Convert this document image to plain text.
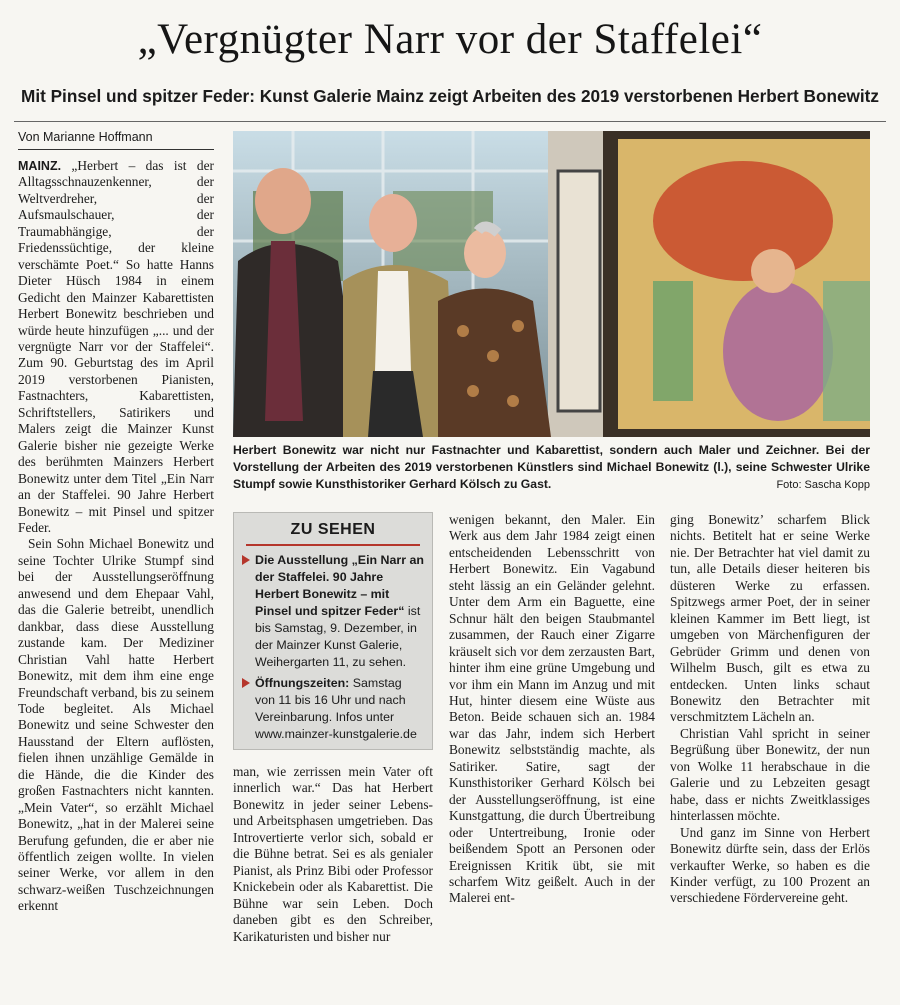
„Vergnügter Narr vor der Staffelei“
Mit Pinsel und spitzer Feder: Kunst Galerie Mainz zeigt Arbeiten des 2019 verstorbenen Herbert Bonewitz
Von Marianne Hoffmann

MAINZ. „Herbert – das ist der Alltagsschnauzenkenner, der Weltverdreher, der Aufsmaulschauer, der Traumabhängige, der Friedenssüchtige, der kleine verschämte Poet.“ So hatte Hanns Dieter Hüsch 1984 in einem Gedicht den Mainzer Kabarettisten Herbert Bonewitz beschrieben und würde heute hinzufügen „... und der vergnügte Narr vor der Staffelei“. Zum 90. Geburtstag des im April 2019 verstorbenen Pianisten, Fastnachters, Kabarettisten, Schriftstellers, Satirikers und Malers zeigt die Mainzer Kunst Galerie bisher nie gezeigte Werke des berühmten Mainzers Herbert Bonewitz unter dem Titel „Ein Narr an der Staffelei. 90 Jahre Herbert Bonewitz – mit Pinsel und spitzer Feder.

Sein Sohn Michael Bonewitz und seine Tochter Ulrike Stumpf sind bei der Ausstellungseröffnung anwesend und dem Ehepaar Vahl, das die Galerie betreibt, unendlich dankbar, dass diese Ausstellung zustande kam. Der Mediziner Christian Vahl hatte Herbert Bonewitz, mit dem ihm eine enge Freundschaft verband, bis zu seinem Tode begleitet. Als Michael Bonewitz und seine Schwester den Hausstand der Eltern auflösten, fielen ihnen unzählige Gemälde in die Hände, die die Kinder des großen Fastnachters nicht kannten. „Mein Vater“, so erzählt Michael Bonewitz, „hat in der Malerei seine Berufung gefunden, die er aber nie öffentlich zeigen wollte. In vielen seiner Werke, vor allem in den schwarz-weißen Tuschzeichnungen erkennt

Herbert Bonewitz war nicht nur Fastnachter und Kabarettist, sondern auch Maler und Zeichner. Bei der Vorstellung der Arbeiten des 2019 verstorbenen Künstlers sind Michael Bonewitz (l.), seine Schwester Ulrike Stumpf sowie Kunsthistoriker Gerhard Kölsch zu Gast.	Foto: Sascha Kopp
ZU SEHEN
Die Ausstellung „Ein Narr an der Staffelei. 90 Jahre Herbert Bonewitz – mit Pinsel und spitzer Feder“ ist bis Samstag, 9. Dezember, in der Mainzer Kunst Galerie, Weihergarten 11, zu sehen.
Öffnungszeiten: Samstag von 11 bis 16 Uhr und nach Vereinbarung. Infos unter www.mainzer-kunstgalerie.de

man, wie zerrissen mein Vater oft innerlich war.“ Das hat Herbert Bonewitz in jeder seiner Lebens- und Arbeitsphasen umgetrieben. Das Introvertierte verlor sich, sobald er die Bühne betrat. Sei es als genialer Pianist, als Prinz Bibi oder Professor Knickebein oder als Kabarettist. Die Bühne war sein Leben. Doch daneben gibt es den Schreiber, Karikaturisten und bisher nur

wenigen bekannt, den Maler. Ein Werk aus dem Jahr 1984 zeigt einen entscheidenden Lebensschritt von Herbert Bonewitz. Ein Vagabund steht lässig an ein Geländer gelehnt. Unter dem Arm ein Baguette, eine Schnur hält den beigen Staubmantel zusammen, der Rauch einer Zigarre kräuselt sich vor dem zerzausten Bart, hinter ihm eine grüne Umgebung und vor ihm ein Mann im Anzug und mit Hut, hinter diesem eine Wüste aus Beton. Beide schauen sich an. 1984 war das Jahr, indem sich Herbert Bonewitz selbstständig machte, als Satiriker. Satire, sagt der Kunsthistoriker Gerhard Kölsch bei der Ausstellungseröffnung, ist eine Kunstgattung, die durch Übertreibung oder Untertreibung, Ironie oder beißendem Spott an Personen oder Ereignissen Kritik übt, sie mit scharfem Witz geißelt. Auch in der Malerei ent-

ging Bonewitz’ scharfem Blick nichts. Betitelt hat er seine Werke nie. Der Betrachter hat viel damit zu tun, alle Details dieser heiteren bis düsteren Werke zu erfassen. Spitzwegs armer Poet, der in seiner kleinen Kammer im Bett liegt, ist umgeben von Märchenfiguren der Gebrüder Grimm und denen von Wilhelm Busch, gilt es etwa zu entdecken. Unten links schaut Bonewitz den Betrachter mit verschmitztem Lächeln an.

Christian Vahl spricht in seiner Begrüßung über Bonewitz, der nun von Wolke 11 herabschaue in die Galerie und zu Lebzeiten gesagt habe, dass er nichts Zweitklassiges hinterlassen möchte.

Und ganz im Sinne von Herbert Bonewitz dürfte sein, dass der Erlös verkaufter Werke, so haben es die Kinder verfügt, zu 100 Prozent an verschiedene Fördervereine geht.
